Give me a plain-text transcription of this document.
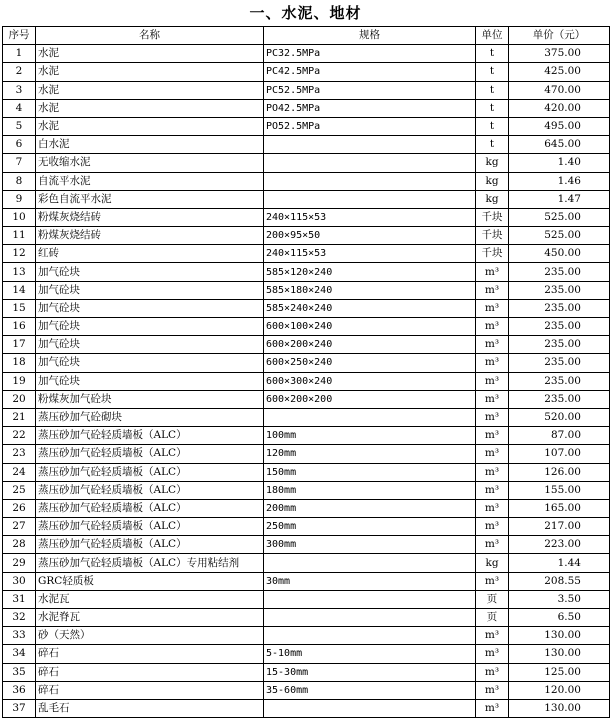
一、水泥、地材
序号	名称	规格	单位	单价（元）
1	水泥	PC32.5MPa	t	375.00
2	水泥	PC42.5MPa	t	425.00
3	水泥	PC52.5MPa	t	470.00
4	水泥	PO42.5MPa	t	420.00
5	水泥	PO52.5MPa	t	495.00
6	白水泥		t	645.00
7	无收缩水泥		kg	1.40
8	自流平水泥		kg	1.46
9	彩色自流平水泥		kg	1.47
10	粉煤灰烧结砖	240×115×53	千块	525.00
11	粉煤灰烧结砖	200×95×50	千块	525.00
12	红砖	240×115×53	千块	450.00
13	加气砼块	585×120×240	m³	235.00
14	加气砼块	585×180×240	m³	235.00
15	加气砼块	585×240×240	m³	235.00
16	加气砼块	600×100×240	m³	235.00
17	加气砼块	600×200×240	m³	235.00
18	加气砼块	600×250×240	m³	235.00
19	加气砼块	600×300×240	m³	235.00
20	粉煤灰加气砼块	600×200×200	m³	235.00
21	蒸压砂加气砼砌块		m³	520.00
22	蒸压砂加气砼轻质墙板（ALC）	100mm	m³	87.00
23	蒸压砂加气砼轻质墙板（ALC）	120mm	m³	107.00
24	蒸压砂加气砼轻质墙板（ALC）	150mm	m³	126.00
25	蒸压砂加气砼轻质墙板（ALC）	180mm	m³	155.00
26	蒸压砂加气砼轻质墙板（ALC）	200mm	m³	165.00
27	蒸压砂加气砼轻质墙板（ALC）	250mm	m³	217.00
28	蒸压砂加气砼轻质墙板（ALC）	300mm	m³	223.00
29	蒸压砂加气砼轻质墙板（ALC）专用粘结剂		kg	1.44
30	GRC轻质板	30mm	m³	208.55
31	水泥瓦		页	3.50
32	水泥脊瓦		页	6.50
33	砂（天然）		m³	130.00
34	碎石	5-10mm	m³	130.00
35	碎石	15-30mm	m³	125.00
36	碎石	35-60mm	m³	120.00
37	乱毛石		m³	130.00
